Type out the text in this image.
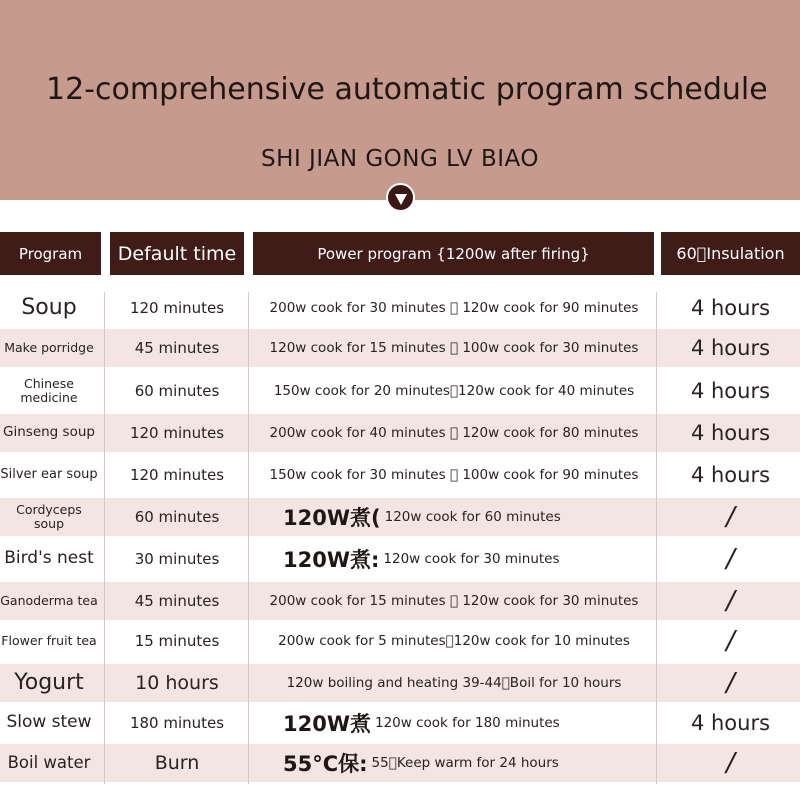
12-comprehensive automatic program schedule
SHI JIAN GONG LV BIAO
Program	Default time	Power program {1200w after firing}	60 Insulation
Soup	120 minutes	200w cook for 30 minutes   120w cook for 90 minutes	4 hours
Make porridge	45 minutes	120w cook for 15 minutes   100w cook for 30 minutes	4 hours
Chinese medicine	60 minutes	150w cook for 20 minutes 120w cook for 40 minutes	4 hours
Ginseng soup	120 minutes	200w cook for 40 minutes   120w cook for 80 minutes	4 hours
Silver ear soup	120 minutes	150w cook for 30 minutes   100w cook for 90 minutes	4 hours
Cordyceps soup	60 minutes	120W煮( 120w cook for 60 minutes	/
Bird's nest	30 minutes	120W煮: 120w cook for 30 minutes	/
Ganoderma tea	45 minutes	200w cook for 15 minutes   120w cook for 30 minutes	/
Flower fruit tea	15 minutes	200w cook for 5 minutes 120w cook for 10 minutes	/
Yogurt	10 hours	120w boiling and heating 39-44 Boil for 10 hours	/
Slow stew	180 minutes	120W煮 120w cook for 180 minutes	4 hours
Boil water	Burn	55°C保: 55 Keep warm for 24 hours	/
